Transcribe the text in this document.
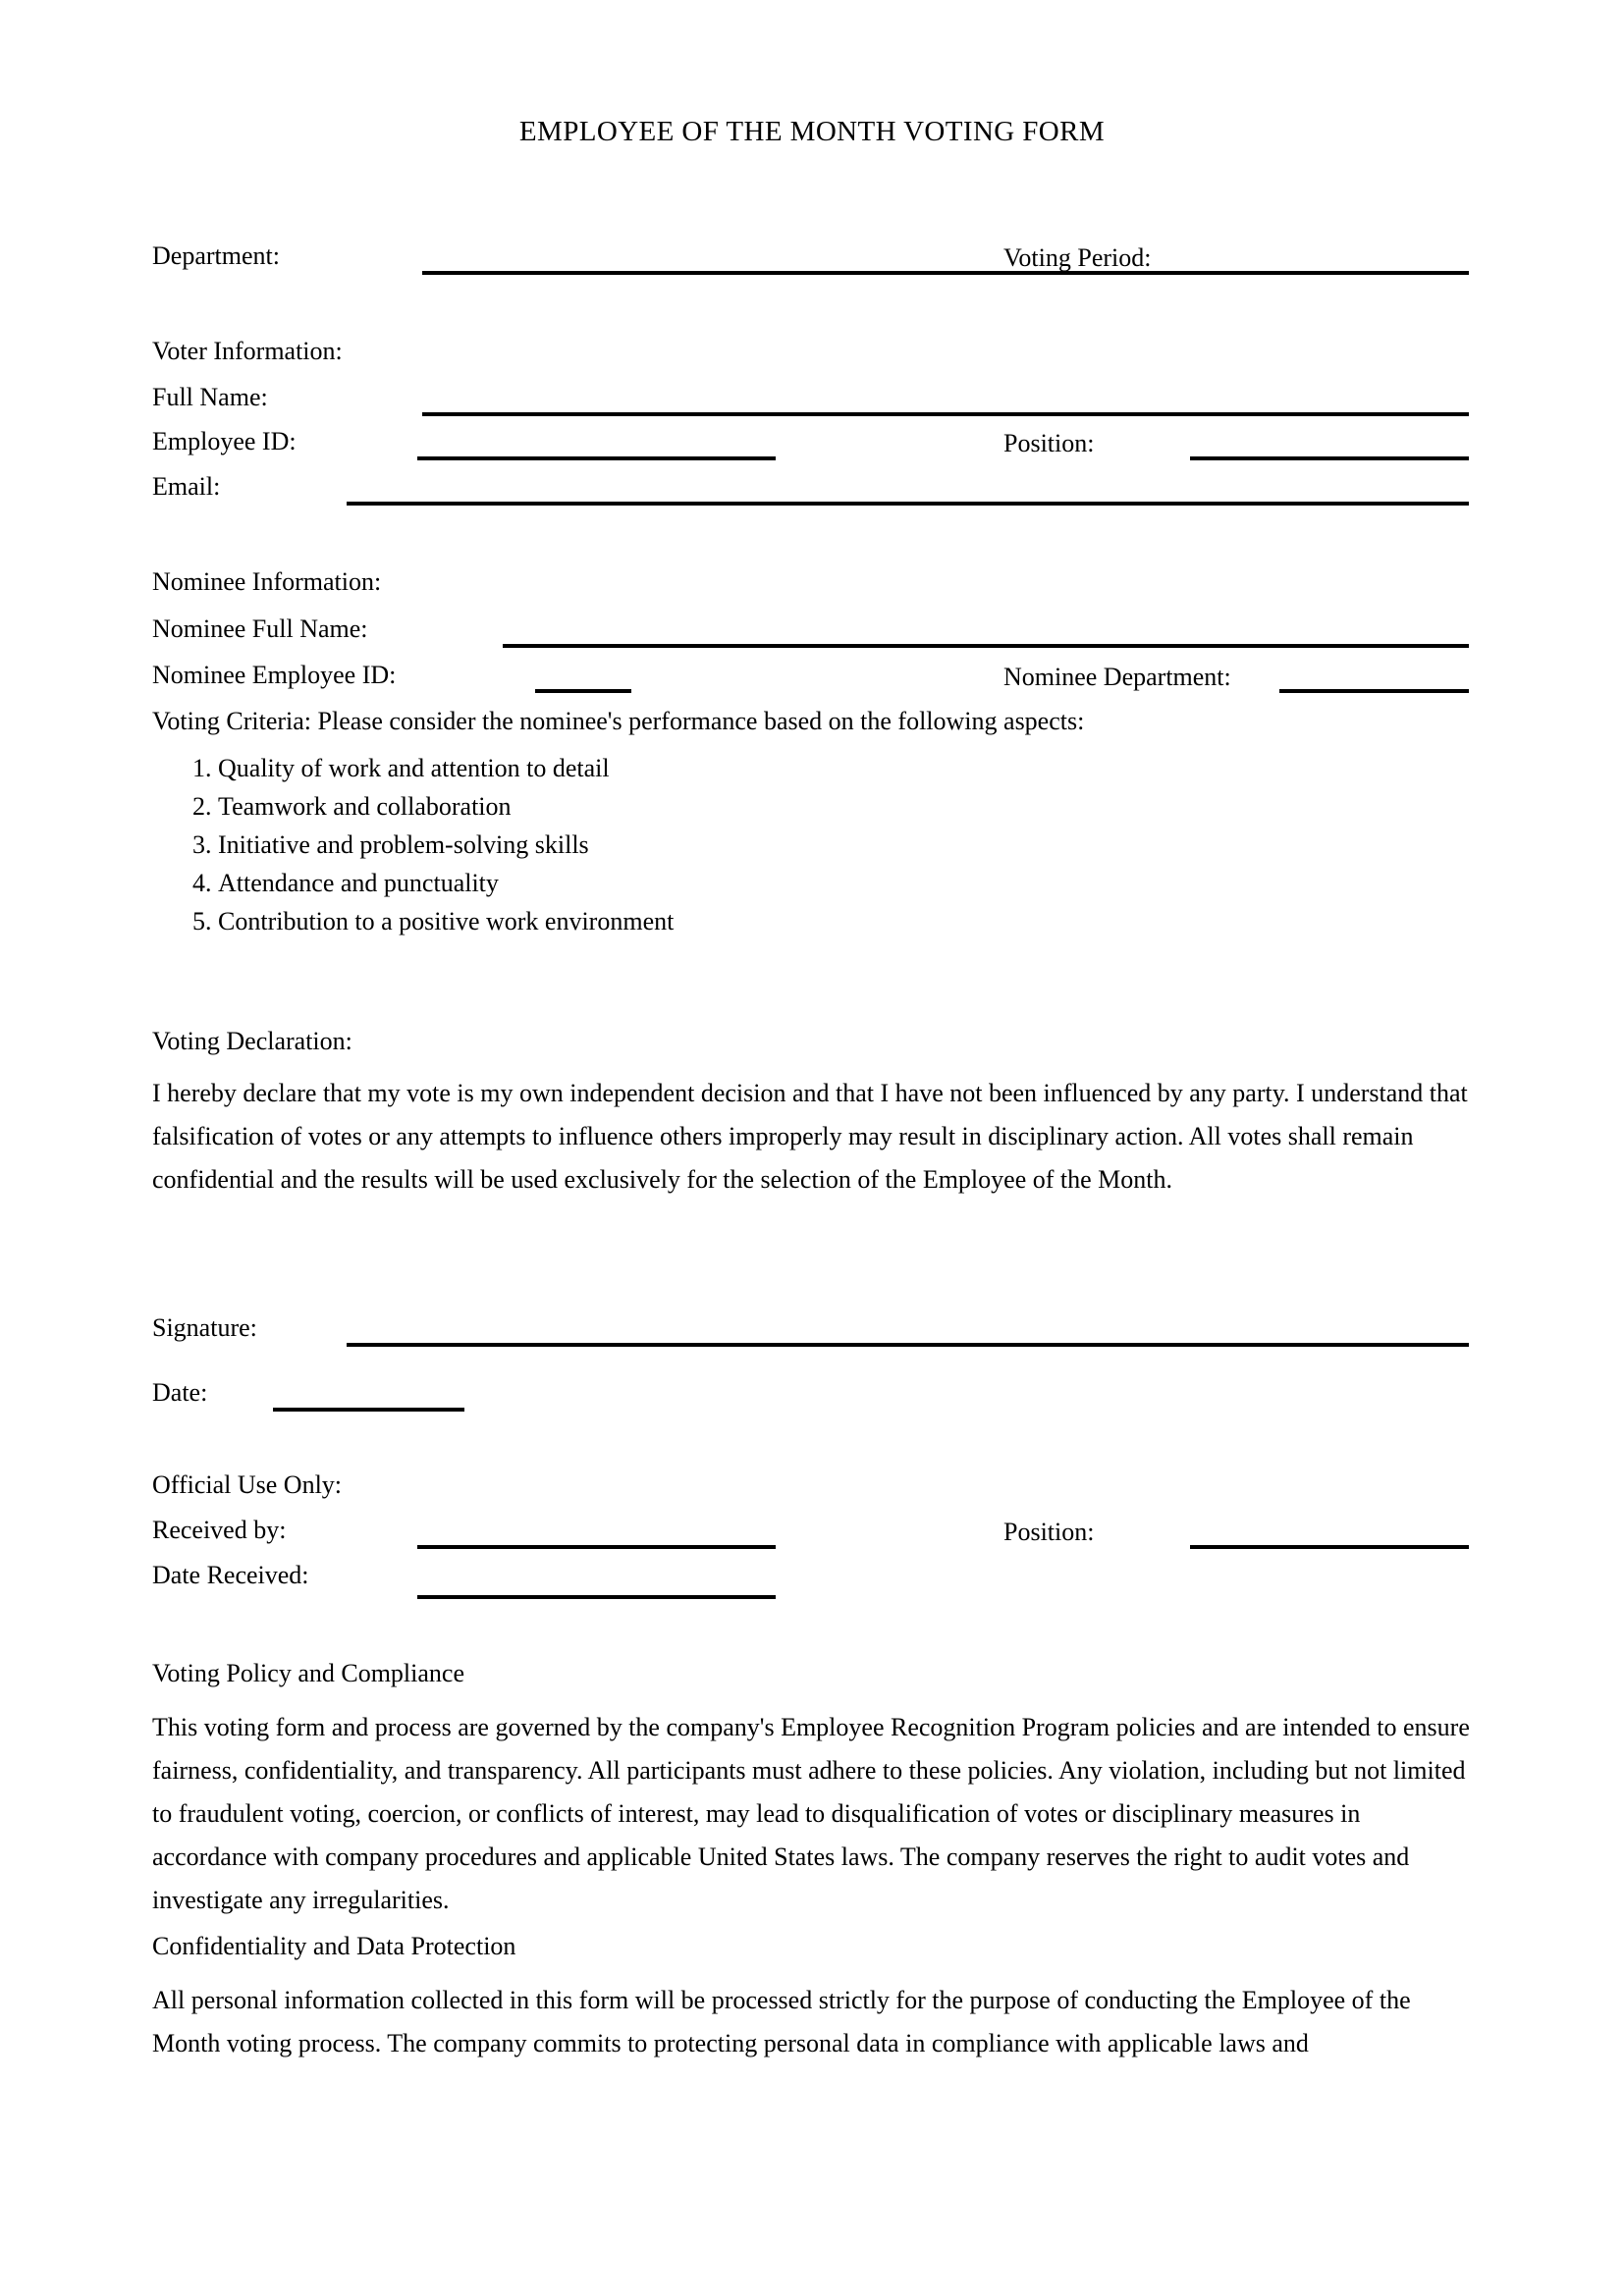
EMPLOYEE OF THE MONTH VOTING FORM
Department:	Voting Period:
Voter Information:
Full Name:
Employee ID:	Position:
Email:
Nominee Information:
Nominee Full Name:
Nominee Employee ID:	Nominee Department:
Voting Criteria: Please consider the nominee's performance based on the following aspects:
1. Quality of work and attention to detail
2. Teamwork and collaboration
3. Initiative and problem-solving skills
4. Attendance and punctuality
5. Contribution to a positive work environment
Voting Declaration:
I hereby declare that my vote is my own independent decision and that I have not been influenced by any party. I understand that falsification of votes or any attempts to influence others improperly may result in disciplinary action. All votes shall remain confidential and the results will be used exclusively for the selection of the Employee of the Month.
Signature:
Date:
Official Use Only:
Received by:	Position:
Date Received:
Voting Policy and Compliance
This voting form and process are governed by the company's Employee Recognition Program policies and are intended to ensure fairness, confidentiality, and transparency. All participants must adhere to these policies. Any violation, including but not limited to fraudulent voting, coercion, or conflicts of interest, may lead to disqualification of votes or disciplinary measures in accordance with company procedures and applicable United States laws. The company reserves the right to audit votes and investigate any irregularities.
Confidentiality and Data Protection
All personal information collected in this form will be processed strictly for the purpose of conducting the Employee of the Month voting process. The company commits to protecting personal data in compliance with applicable laws and
